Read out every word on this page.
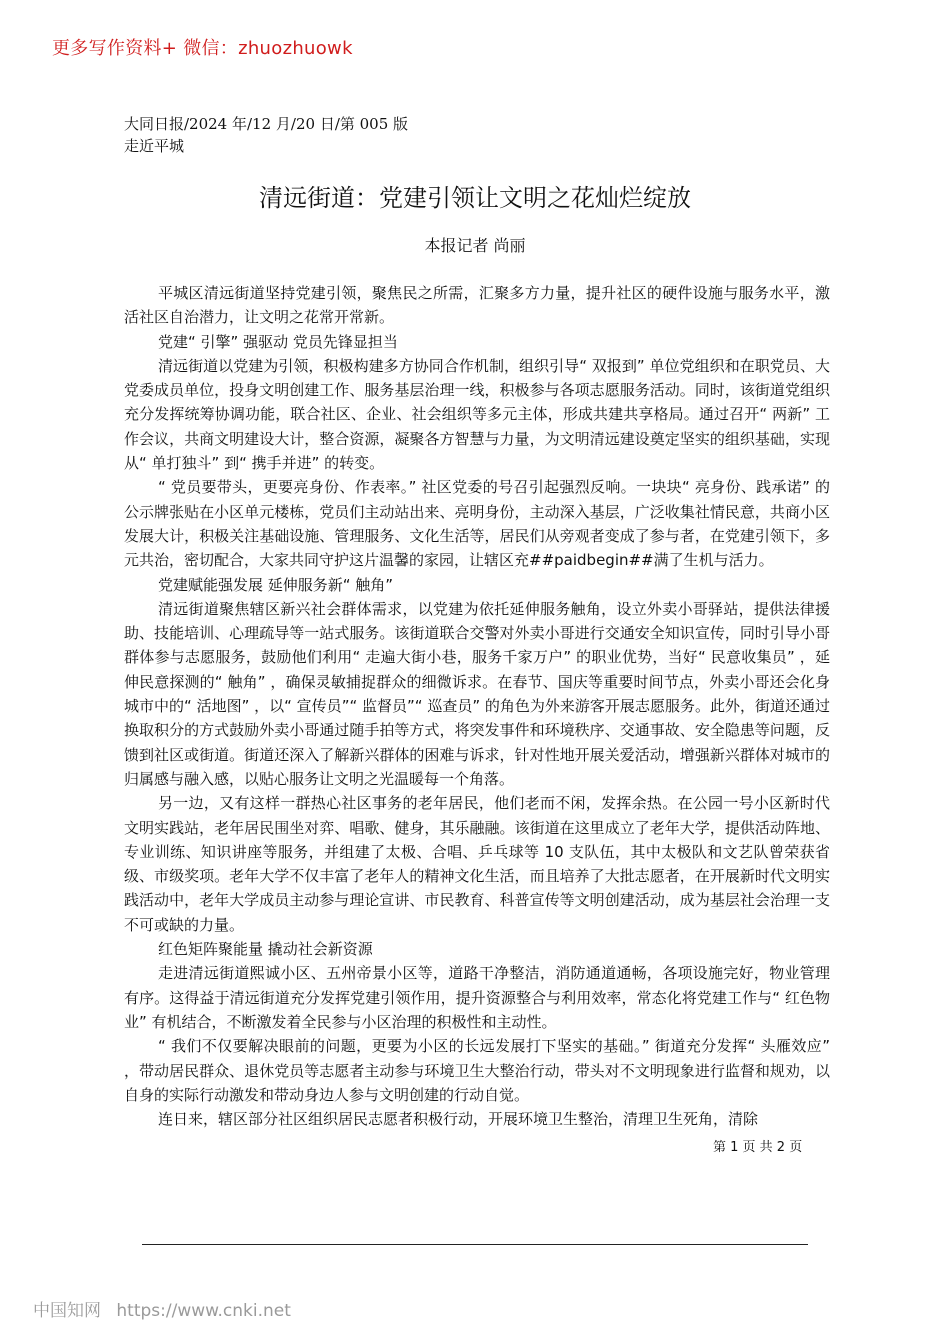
更多写作资料+ 微信：zhuozhuowk
大同日报/2024 年/12 月/20 日/第 005 版走近平城
清远街道：党建引领让文明之花灿烂绽放
本报记者 尚丽

平城区清远街道坚持党建引领，聚焦民之所需，汇聚多方力量，提升社区的硬件设施与服务水平，激活社区自治潜力，让文明之花常开常新。

党建“ 引擎” 强驱动 党员先锋显担当

清远街道以党建为引领，积极构建多方协同合作机制，组织引导“ 双报到” 单位党组织和在职党员、大党委成员单位，投身文明创建工作、服务基层治理一线，积极参与各项志愿服务活动。同时，该街道党组织充分发挥统筹协调功能，联合社区、企业、社会组织等多元主体，形成共建共享格局。通过召开“ 两新” 工作会议，共商文明建设大计，整合资源，凝聚各方智慧与力量，为文明清远建设奠定坚实的组织基础，实现从“ 单打独斗” 到“ 携手并进” 的转变。

“ 党员要带头，更要亮身份、作表率。” 社区党委的号召引起强烈反响。一块块“ 亮身份、践承诺” 的公示牌张贴在小区单元楼栋，党员们主动站出来、亮明身份，主动深入基层，广泛收集社情民意，共商小区发展大计，积极关注基础设施、管理服务、文化生活等，居民们从旁观者变成了参与者，在党建引领下，多元共治，密切配合，大家共同守护这片温馨的家园，让辖区充##paidbegin##满了生机与活力。

党建赋能强发展 延伸服务新“ 触角”

清远街道聚焦辖区新兴社会群体需求，以党建为依托延伸服务触角，设立外卖小哥驿站，提供法律援助、技能培训、心理疏导等一站式服务。该街道联合交警对外卖小哥进行交通安全知识宣传，同时引导小哥群体参与志愿服务，鼓励他们利用“ 走遍大街小巷，服务千家万户” 的职业优势，当好“ 民意收集员” ，延伸民意探测的“ 触角” ，确保灵敏捕捉群众的细微诉求。在春节、国庆等重要时间节点，外卖小哥还会化身城市中的“ 活地图” ，以“ 宣传员”“ 监督员”“ 巡查员” 的角色为外来游客开展志愿服务。此外，街道还通过换取积分的方式鼓励外卖小哥通过随手拍等方式，将突发事件和环境秩序、交通事故、安全隐患等问题，反馈到社区或街道。街道还深入了解新兴群体的困难与诉求，针对性地开展关爱活动，增强新兴群体对城市的归属感与融入感，以贴心服务让文明之光温暖每一个角落。

另一边，又有这样一群热心社区事务的老年居民，他们老而不闲，发挥余热。在公园一号小区新时代文明实践站，老年居民围坐对弈、唱歌、健身，其乐融融。该街道在这里成立了老年大学，提供活动阵地、专业训练、知识讲座等服务，并组建了太极、合唱、乒乓球等 10 支队伍，其中太极队和文艺队曾荣获省级、市级奖项。老年大学不仅丰富了老年人的精神文化生活，而且培养了大批志愿者，在开展新时代文明实践活动中，老年大学成员主动参与理论宣讲、市民教育、科普宣传等文明创建活动，成为基层社会治理一支不可或缺的力量。

红色矩阵聚能量 撬动社会新资源

走进清远街道熙诚小区、五州帝景小区等，道路干净整洁，消防通道通畅，各项设施完好，物业管理有序。这得益于清远街道充分发挥党建引领作用，提升资源整合与利用效率，常态化将党建工作与“ 红色物业” 有机结合，不断激发着全民参与小区治理的积极性和主动性。

“ 我们不仅要解决眼前的问题，更要为小区的长远发展打下坚实的基础。” 街道充分发挥“ 头雁效应” ，带动居民群众、退休党员等志愿者主动参与环境卫生大整治行动，带头对不文明现象进行监督和规劝，以自身的实际行动激发和带动身边人参与文明创建的行动自觉。

连日来，辖区部分社区组织居民志愿者积极行动，开展环境卫生整治，清理卫生死角，清除

第 1 页 共 2 页
中国知网 https://www.cnki.net
